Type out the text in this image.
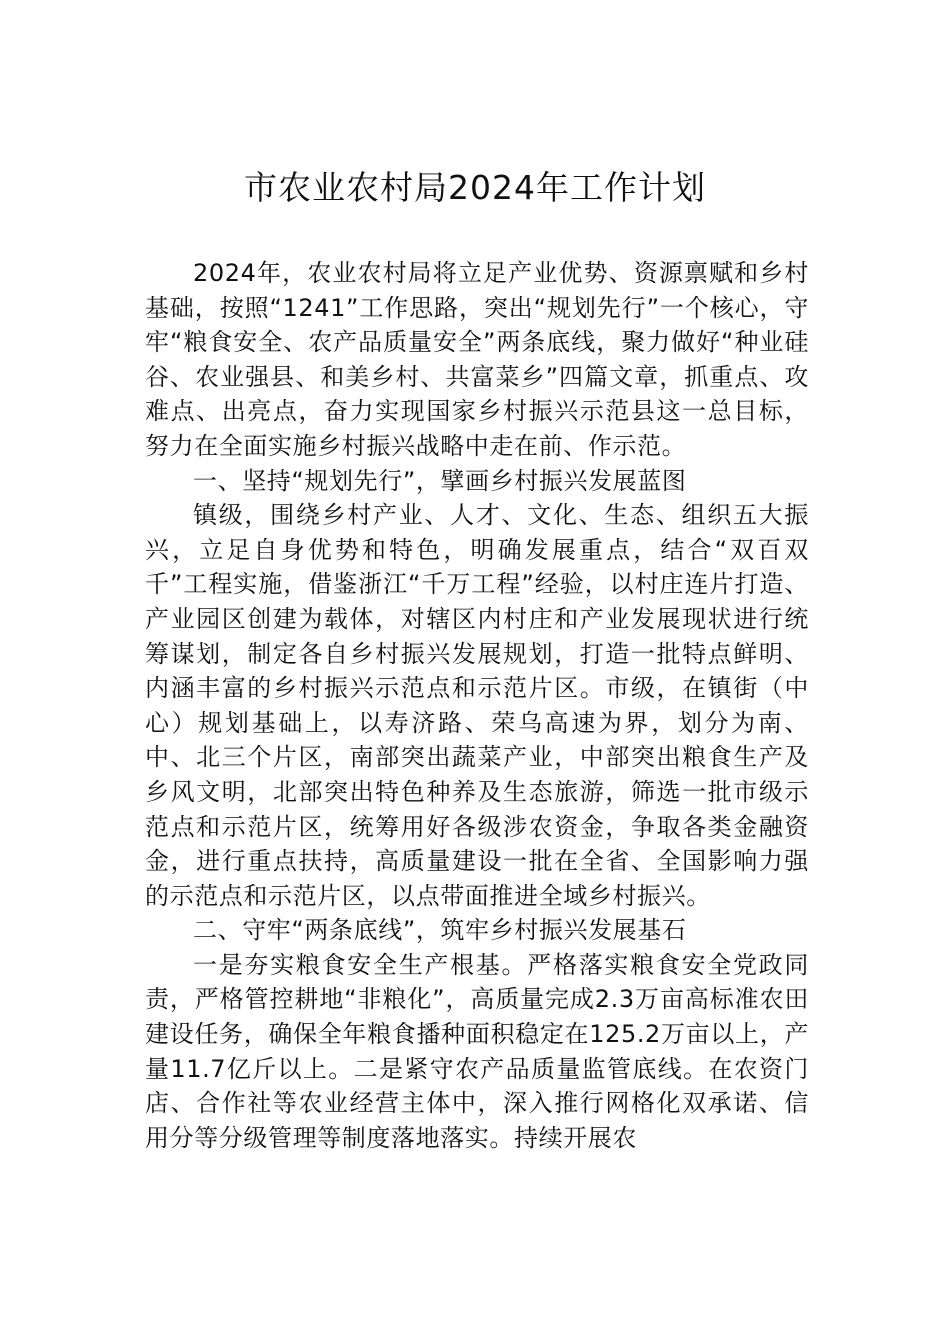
市农业农村局2024年工作计划

2024年，农业农村局将立足产业优势、资源禀赋和乡村基础，按照“1241”工作思路，突出“规划先行”一个核心，守牢“粮食安全、农产品质量安全”两条底线，聚力做好“种业硅谷、农业强县、和美乡村、共富菜乡”四篇文章，抓重点、攻难点、出亮点，奋力实现国家乡村振兴示范县这一总目标，努力在全面实施乡村振兴战略中走在前、作示范。

一、坚持“规划先行”，擘画乡村振兴发展蓝图

镇级，围绕乡村产业、人才、文化、生态、组织五大振兴，立足自身优势和特色，明确发展重点，结合“双百双千”工程实施，借鉴浙江“千万工程”经验，以村庄连片打造、产业园区创建为载体，对辖区内村庄和产业发展现状进行统筹谋划，制定各自乡村振兴发展规划，打造一批特点鲜明、内涵丰富的乡村振兴示范点和示范片区。市级，在镇街（中心）规划基础上，以寿济路、荣乌高速为界，划分为南、中、北三个片区，南部突出蔬菜产业，中部突出粮食生产及乡风文明，北部突出特色种养及生态旅游，筛选一批市级示范点和示范片区，统筹用好各级涉农资金，争取各类金融资金，进行重点扶持，高质量建设一批在全省、全国影响力强的示范点和示范片区，以点带面推进全域乡村振兴。

二、守牢“两条底线”，筑牢乡村振兴发展基石

一是夯实粮食安全生产根基。严格落实粮食安全党政同责，严格管控耕地“非粮化”，高质量完成2.3万亩高标准农田建设任务，确保全年粮食播种面积稳定在125.2万亩以上，产量11.7亿斤以上。二是紧守农产品质量监管底线。在农资门店、合作社等农业经营主体中，深入推行网格化双承诺、信用分等分级管理等制度落地落实。持续开展农
